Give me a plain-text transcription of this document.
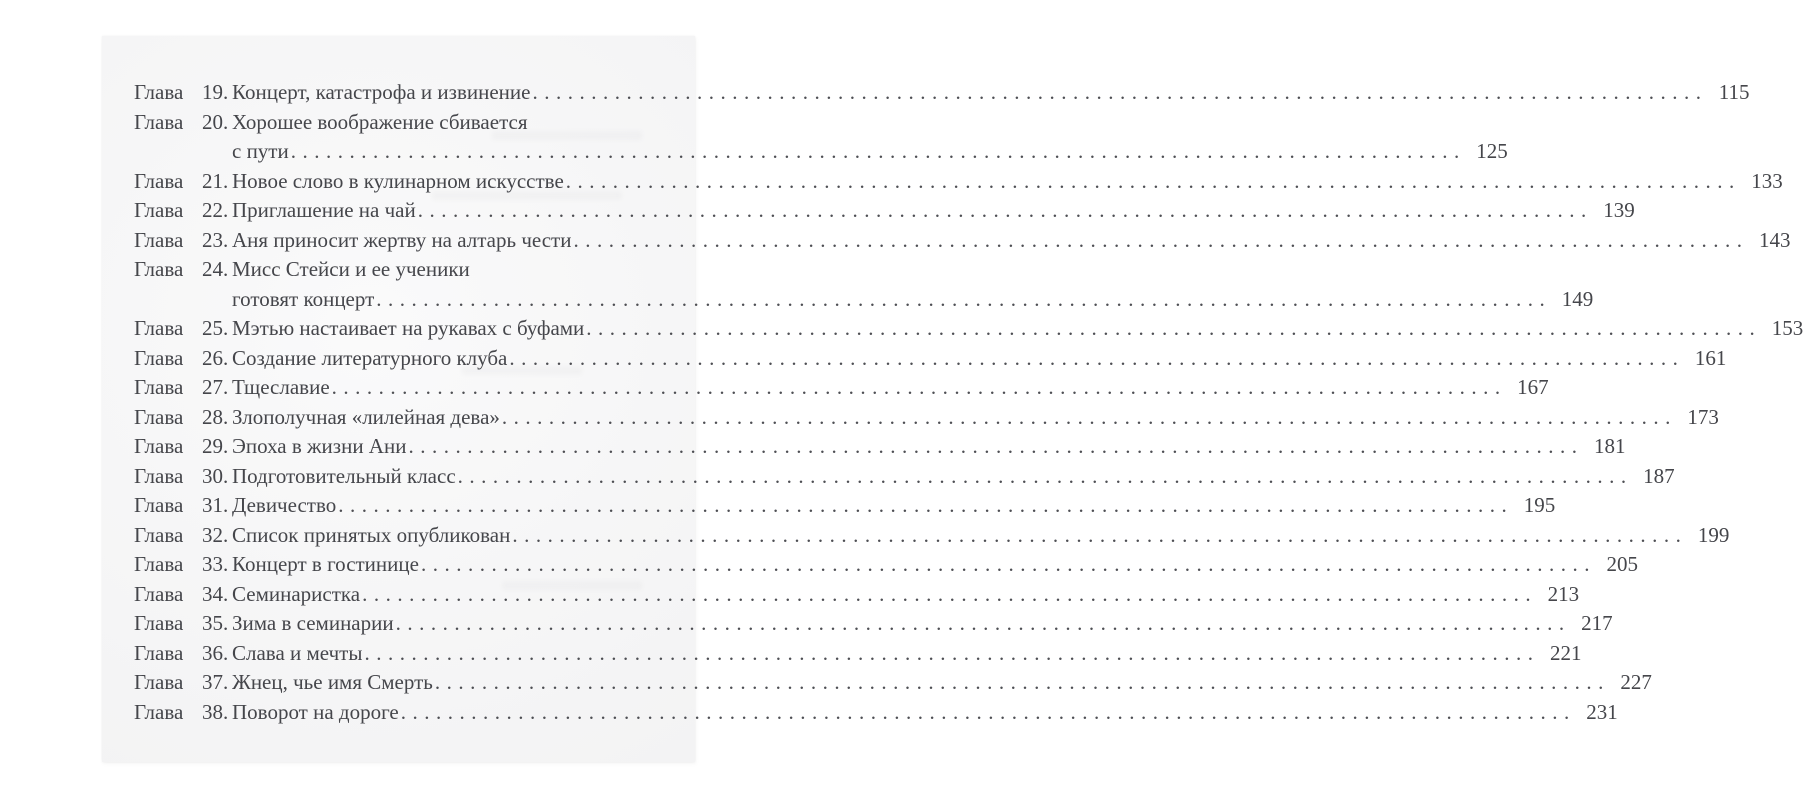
Глава 19. Концерт, катастрофа и извинение .....	115
Глава 20. Хорошее воображение сбивается
с пути .....	125
Глава 21. Новое слово в кулинарном искусстве .....	133
Глава 22. Приглашение на чай .....	139
Глава 23. Аня приносит жертву на алтарь чести .....	143
Глава 24. Мисс Стейси и ее ученики
готовят концерт .....	149
Глава 25. Мэтью настаивает на рукавах с буфами .....	153
Глава 26. Создание литературного клуба .....	161
Глава 27. Тщеславие .....	167
Глава 28. Злополучная «лилейная дева» .....	173
Глава 29. Эпоха в жизни Ани .....	181
Глава 30. Подготовительный класс .....	187
Глава 31. Девичество .....	195
Глава 32. Список принятых опубликован .....	199
Глава 33. Концерт в гостинице .....	205
Глава 34. Семинаристка .....	213
Глава 35. Зима в семинарии .....	217
Глава 36. Слава и мечты .....	221
Глава 37. Жнец, чье имя Смерть .....	227
Глава 38. Поворот на дороге .....	231
